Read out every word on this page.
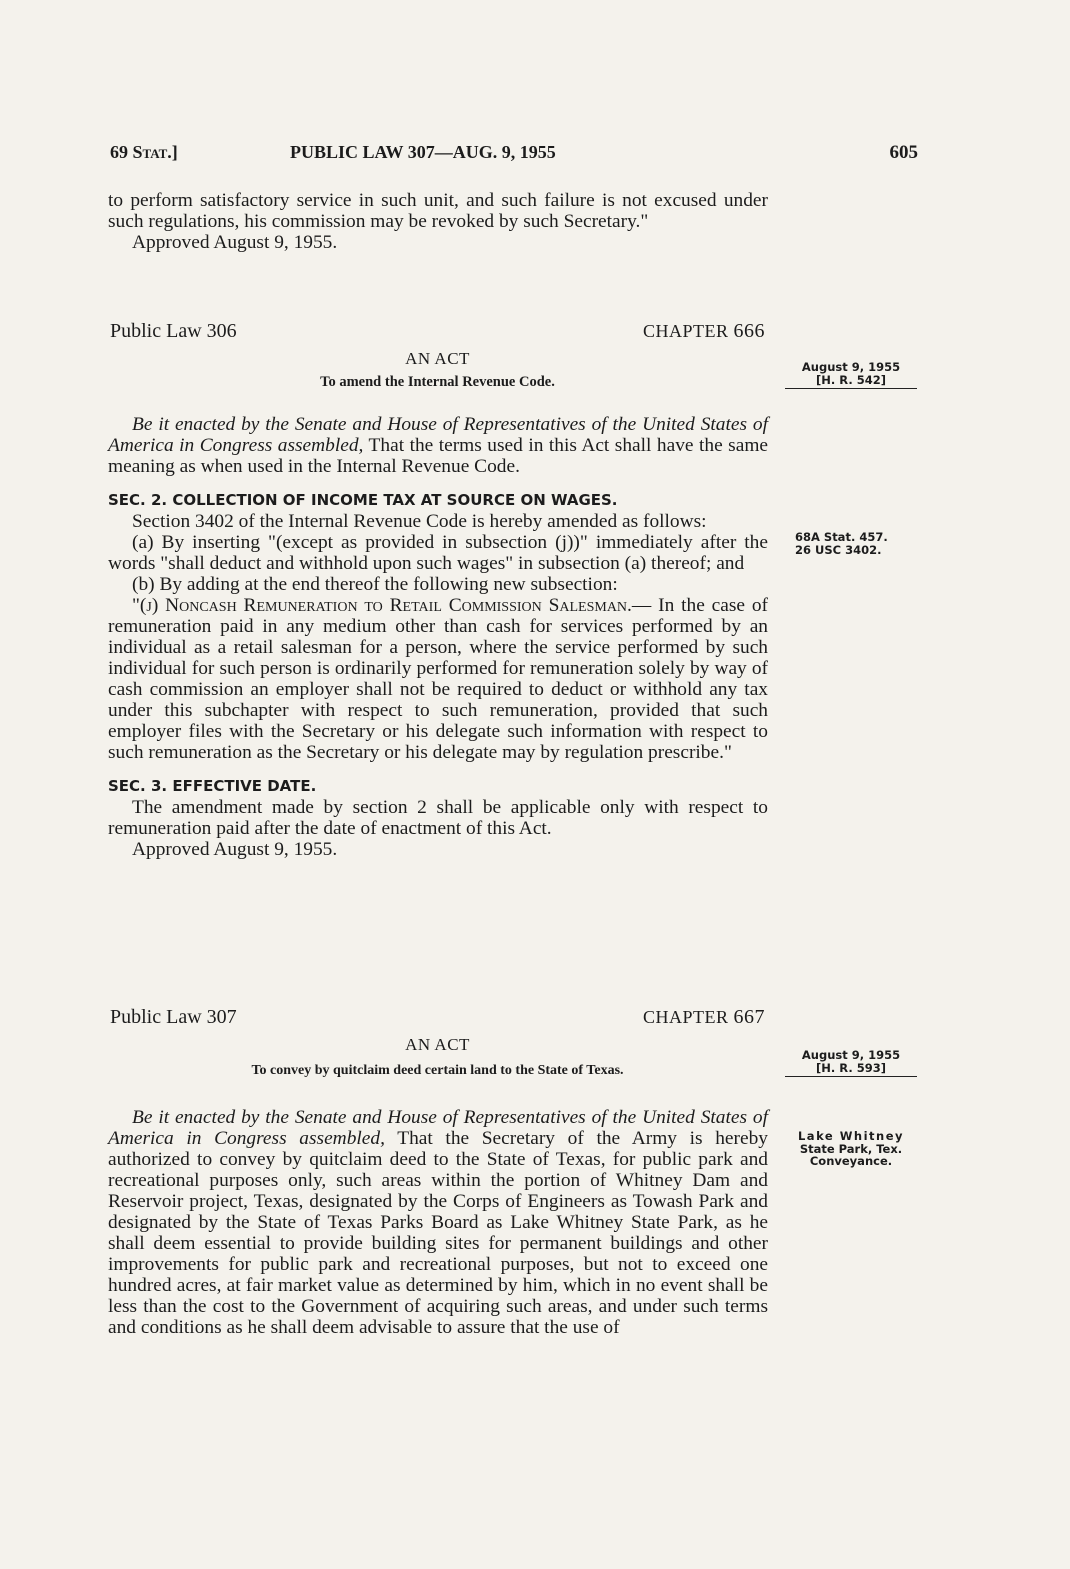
69 Stat.]	PUBLIC LAW 307—AUG. 9, 1955	605

to perform satisfactory service in such unit, and such failure is not excused under such regulations, his commission may be revoked by such Secretary."

Approved August 9, 1955.

Public Law 306	CHAPTER 666
AN ACT
To amend the Internal Revenue Code.
August 9, 1955
[H. R. 542]

Be it enacted by the Senate and House of Representatives of the United States of America in Congress assembled, That the terms used in this Act shall have the same meaning as when used in the Internal Revenue Code.

SEC. 2. COLLECTION OF INCOME TAX AT SOURCE ON WAGES.

Section 3402 of the Internal Revenue Code is hereby amended as follows:

(a) By inserting "(except as provided in subsection (j))" immediately after the words "shall deduct and withhold upon such wages" in subsection (a) thereof; and

(b) By adding at the end thereof the following new subsection:

"(j) Noncash Remuneration to Retail Commission Salesman.— In the case of remuneration paid in any medium other than cash for services performed by an individual as a retail salesman for a person, where the service performed by such individual for such person is ordinarily performed for remuneration solely by way of cash commission an employer shall not be required to deduct or withhold any tax under this subchapter with respect to such remuneration, provided that such employer files with the Secretary or his delegate such information with respect to such remuneration as the Secretary or his delegate may by regulation prescribe."

SEC. 3. EFFECTIVE DATE.

The amendment made by section 2 shall be applicable only with respect to remuneration paid after the date of enactment of this Act.

Approved August 9, 1955.

68A Stat. 457.
26 USC 3402.
Public Law 307	CHAPTER 667
AN ACT
To convey by quitclaim deed certain land to the State of Texas.
August 9, 1955
[H. R. 593]
Lake Whitney
State Park, Tex.
Conveyance.

Be it enacted by the Senate and House of Representatives of the United States of America in Congress assembled, That the Secretary of the Army is hereby authorized to convey by quitclaim deed to the State of Texas, for public park and recreational purposes only, such areas within the portion of Whitney Dam and Reservoir project, Texas, designated by the Corps of Engineers as Towash Park and designated by the State of Texas Parks Board as Lake Whitney State Park, as he shall deem essential to provide building sites for permanent buildings and other improvements for public park and recreational purposes, but not to exceed one hundred acres, at fair market value as determined by him, which in no event shall be less than the cost to the Government of acquiring such areas, and under such terms and conditions as he shall deem advisable to assure that the use of
